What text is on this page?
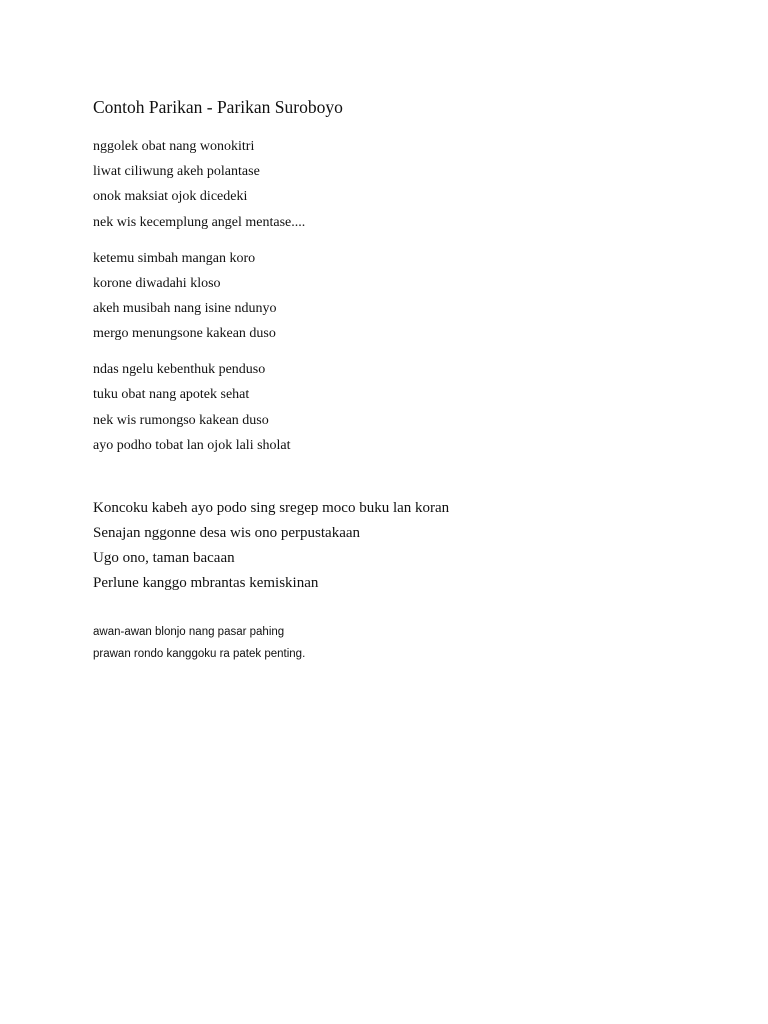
Contoh Parikan - Parikan Suroboyo
nggolek obat nang wonokitri
liwat ciliwung akeh polantase
onok maksiat ojok dicedeki
nek wis kecemplung angel mentase....
ketemu simbah mangan koro
korone diwadahi kloso
akeh musibah nang isine ndunyo
mergo menungsone kakean duso
ndas ngelu kebenthuk penduso
tuku obat nang apotek sehat
nek wis rumongso kakean duso
ayo podho tobat lan ojok lali sholat
Koncoku kabeh ayo podo sing sregep moco buku lan koran
Senajan nggonne desa wis ono perpustakaan
Ugo ono, taman bacaan
Perlune kanggo mbrantas kemiskinan
awan-awan blonjo nang pasar pahing
prawan rondo kanggoku ra patek penting.
